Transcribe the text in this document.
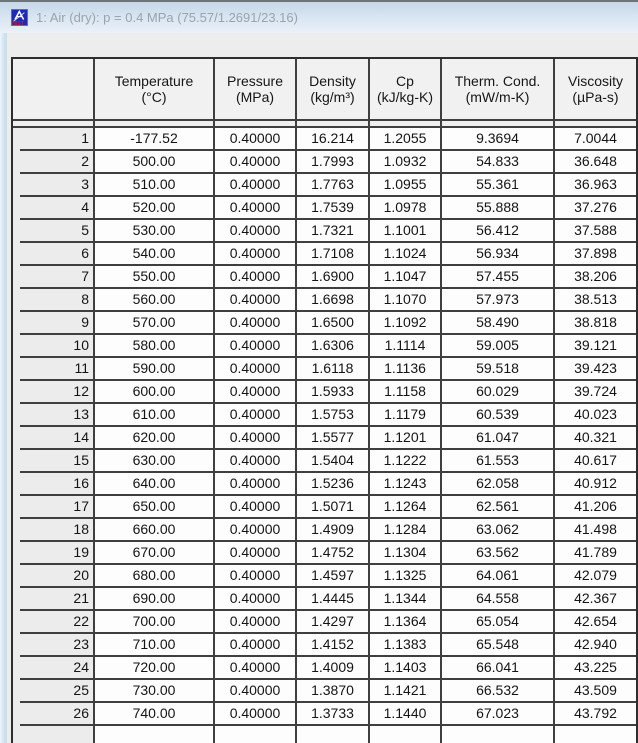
NIST 1: Air (dry): p = 0.4 MPa (75.57/1.2691/23.16)
Temperature
(°C)
Pressure
(MPa)
Density
(kg/m³)
Cp
(kJ/kg-K)
Therm. Cond.
(mW/m-K)
Viscosity
(µPa-s)
1	-177.52	0.40000	16.214	1.2055	9.3694	7.0044
2	500.00	0.40000	1.7993	1.0932	54.833	36.648
3	510.00	0.40000	1.7763	1.0955	55.361	36.963
4	520.00	0.40000	1.7539	1.0978	55.888	37.276
5	530.00	0.40000	1.7321	1.1001	56.412	37.588
6	540.00	0.40000	1.7108	1.1024	56.934	37.898
7	550.00	0.40000	1.6900	1.1047	57.455	38.206
8	560.00	0.40000	1.6698	1.1070	57.973	38.513
9	570.00	0.40000	1.6500	1.1092	58.490	38.818
10	580.00	0.40000	1.6306	1.1114	59.005	39.121
11	590.00	0.40000	1.6118	1.1136	59.518	39.423
12	600.00	0.40000	1.5933	1.1158	60.029	39.724
13	610.00	0.40000	1.5753	1.1179	60.539	40.023
14	620.00	0.40000	1.5577	1.1201	61.047	40.321
15	630.00	0.40000	1.5404	1.1222	61.553	40.617
16	640.00	0.40000	1.5236	1.1243	62.058	40.912
17	650.00	0.40000	1.5071	1.1264	62.561	41.206
18	660.00	0.40000	1.4909	1.1284	63.062	41.498
19	670.00	0.40000	1.4752	1.1304	63.562	41.789
20	680.00	0.40000	1.4597	1.1325	64.061	42.079
21	690.00	0.40000	1.4445	1.1344	64.558	42.367
22	700.00	0.40000	1.4297	1.1364	65.054	42.654
23	710.00	0.40000	1.4152	1.1383	65.548	42.940
24	720.00	0.40000	1.4009	1.1403	66.041	43.225
25	730.00	0.40000	1.3870	1.1421	66.532	43.509
26	740.00	0.40000	1.3733	1.1440	67.023	43.792
